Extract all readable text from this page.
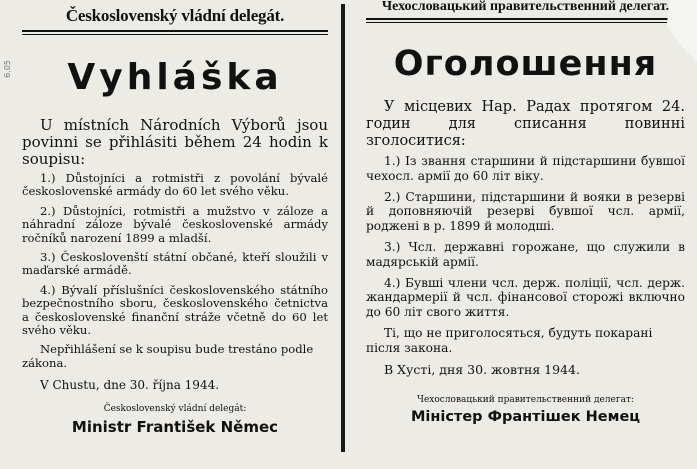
6.05

Československý vládní delegát.

Vyhláška

U místních Národních Výborů jsou povinni se přihlásiti během 24 hodin k soupisu:

1.) Důstojníci a rotmistři z povolání bývalé československé armády do 60 let svého věku.
2.) Důstojníci, rotmistři a mužstvo v záloze a náhradní záloze bývalé československé armády ročníků narození 1899 a mladší.
3.) Českoslovenští státní občané, kteří sloužili v maďarské armádě.
4.) Bývalí příslušníci československého státního bezpečnostního sboru, československého četnictva a československé finanční stráže včetně do 60 let svého věku.

Nepřihlášení se k soupisu bude trestáno podle zákona.

V Chustu, dne 30. října 1944.

Československý vládní delegát:

Ministr František Němec

Чехословацький правительственний делегат.

Оголошення

У місцевих Нар. Радах протягом 24. годин для списання повинні зголоситися:

1.) Із звання старшини й підстаршини бувшої чехосл. армії до 60 літ віку.
2.) Старшини, підстаршини й вояки в резерві й доповняючій резерві бувшої чсл. армії, роджені в р. 1899 й молодші.
3.) Чсл. державні горожане, що служили в мадярській армії.
4.) Бувші члени чсл. держ. поліції, чсл. держ. жандармерії й чсл. фінансової сторожі включно до 60 літ свого життя.

Ті, що не приголосяться, будуть покарані після закона.

В Хусті, дня 30. жовтня 1944.

Чехословацький правительственний делегат:

Міністер Франтішек Немец
